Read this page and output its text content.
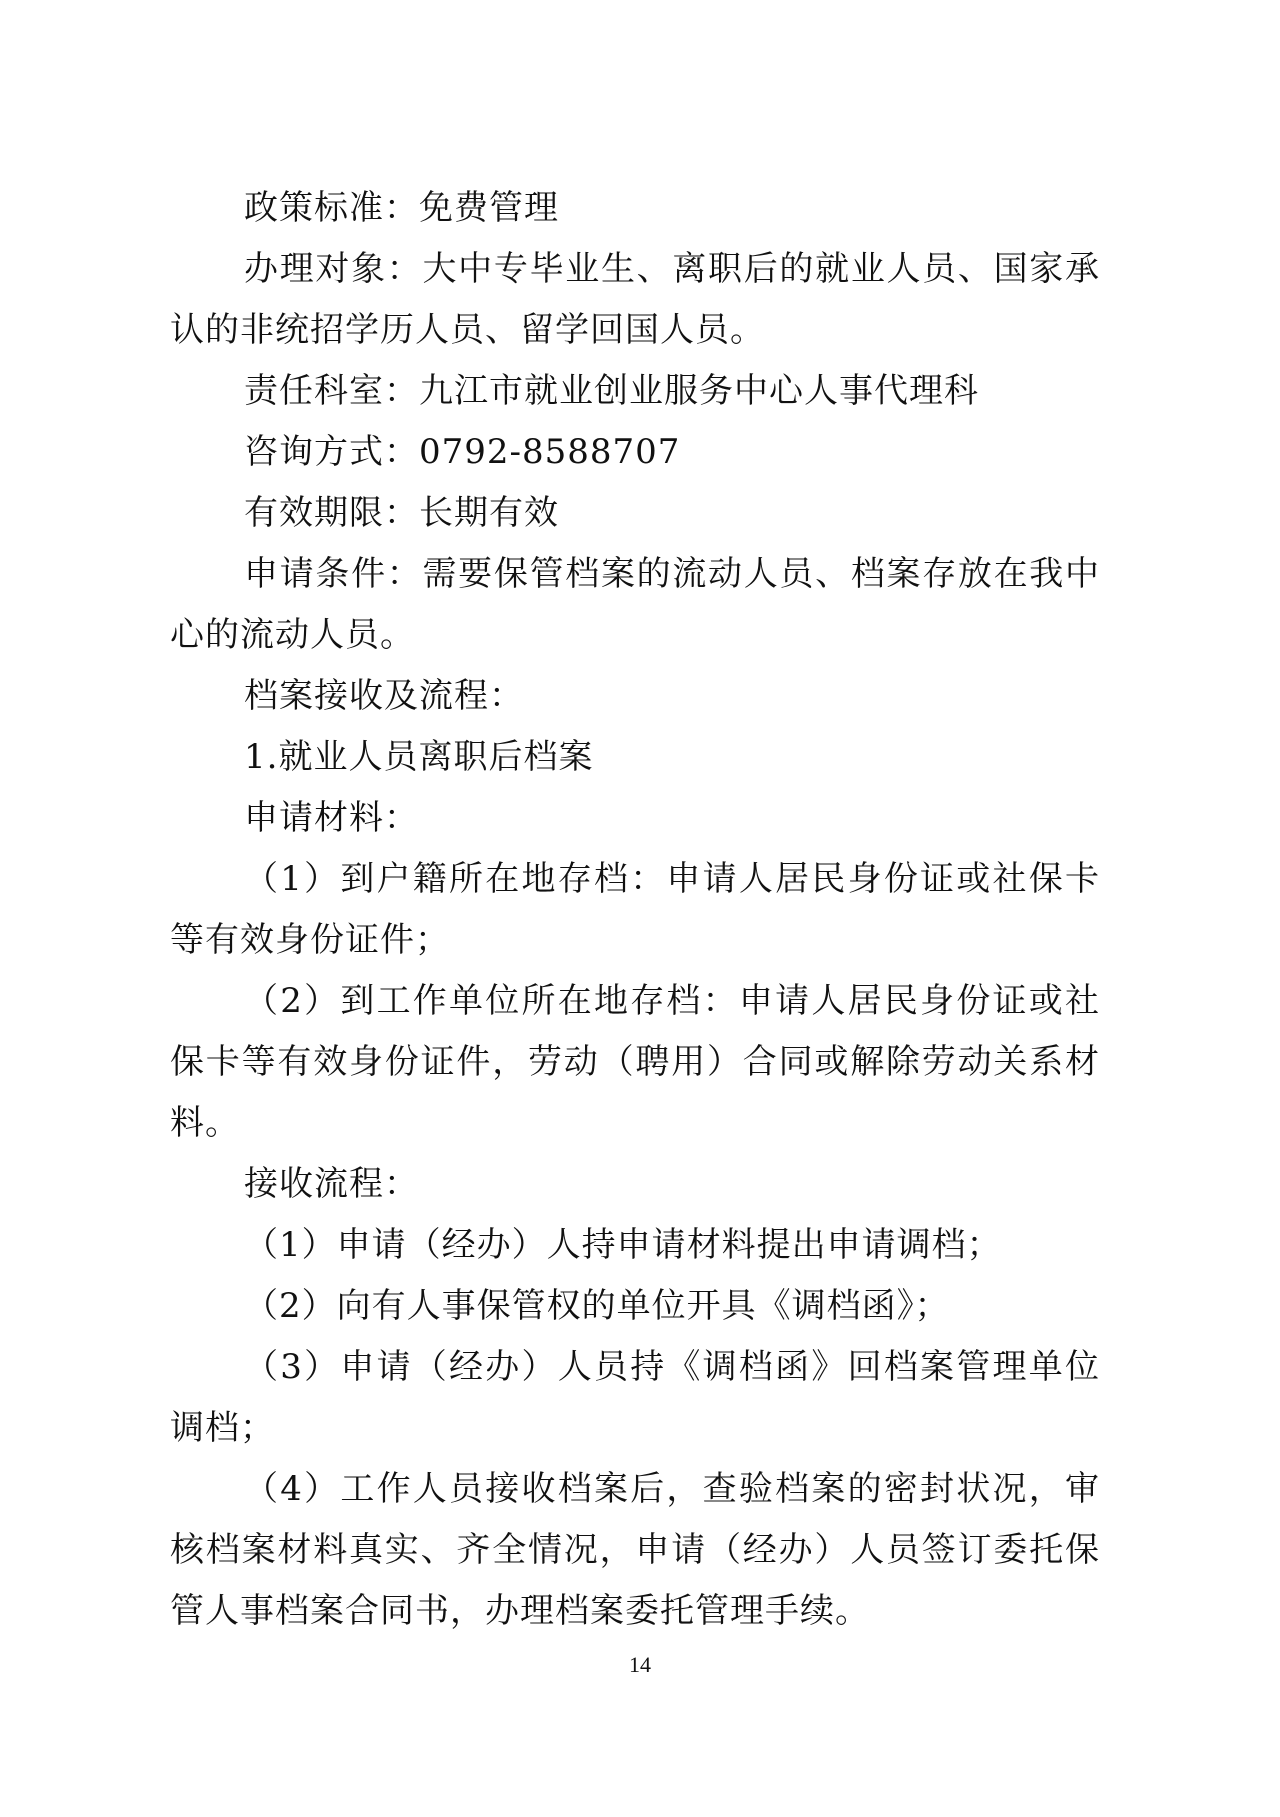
政策标准：免费管理

办理对象：大中专毕业生、离职后的就业人员、国家承认的非统招学历人员、留学回国人员。

责任科室：九江市就业创业服务中心人事代理科

咨询方式：0792-8588707

有效期限：长期有效

申请条件：需要保管档案的流动人员、档案存放在我中心的流动人员。

档案接收及流程：

1.就业人员离职后档案

申请材料：

（1）到户籍所在地存档：申请人居民身份证或社保卡等有效身份证件；

（2）到工作单位所在地存档：申请人居民身份证或社保卡等有效身份证件，劳动（聘用）合同或解除劳动关系材料。

接收流程：

（1）申请（经办）人持申请材料提出申请调档；

（2）向有人事保管权的单位开具《调档函》；

（3）申请（经办）人员持《调档函》回档案管理单位调档；

（4）工作人员接收档案后，查验档案的密封状况，审核档案材料真实、齐全情况，申请（经办）人员签订委托保管人事档案合同书，办理档案委托管理手续。

14
